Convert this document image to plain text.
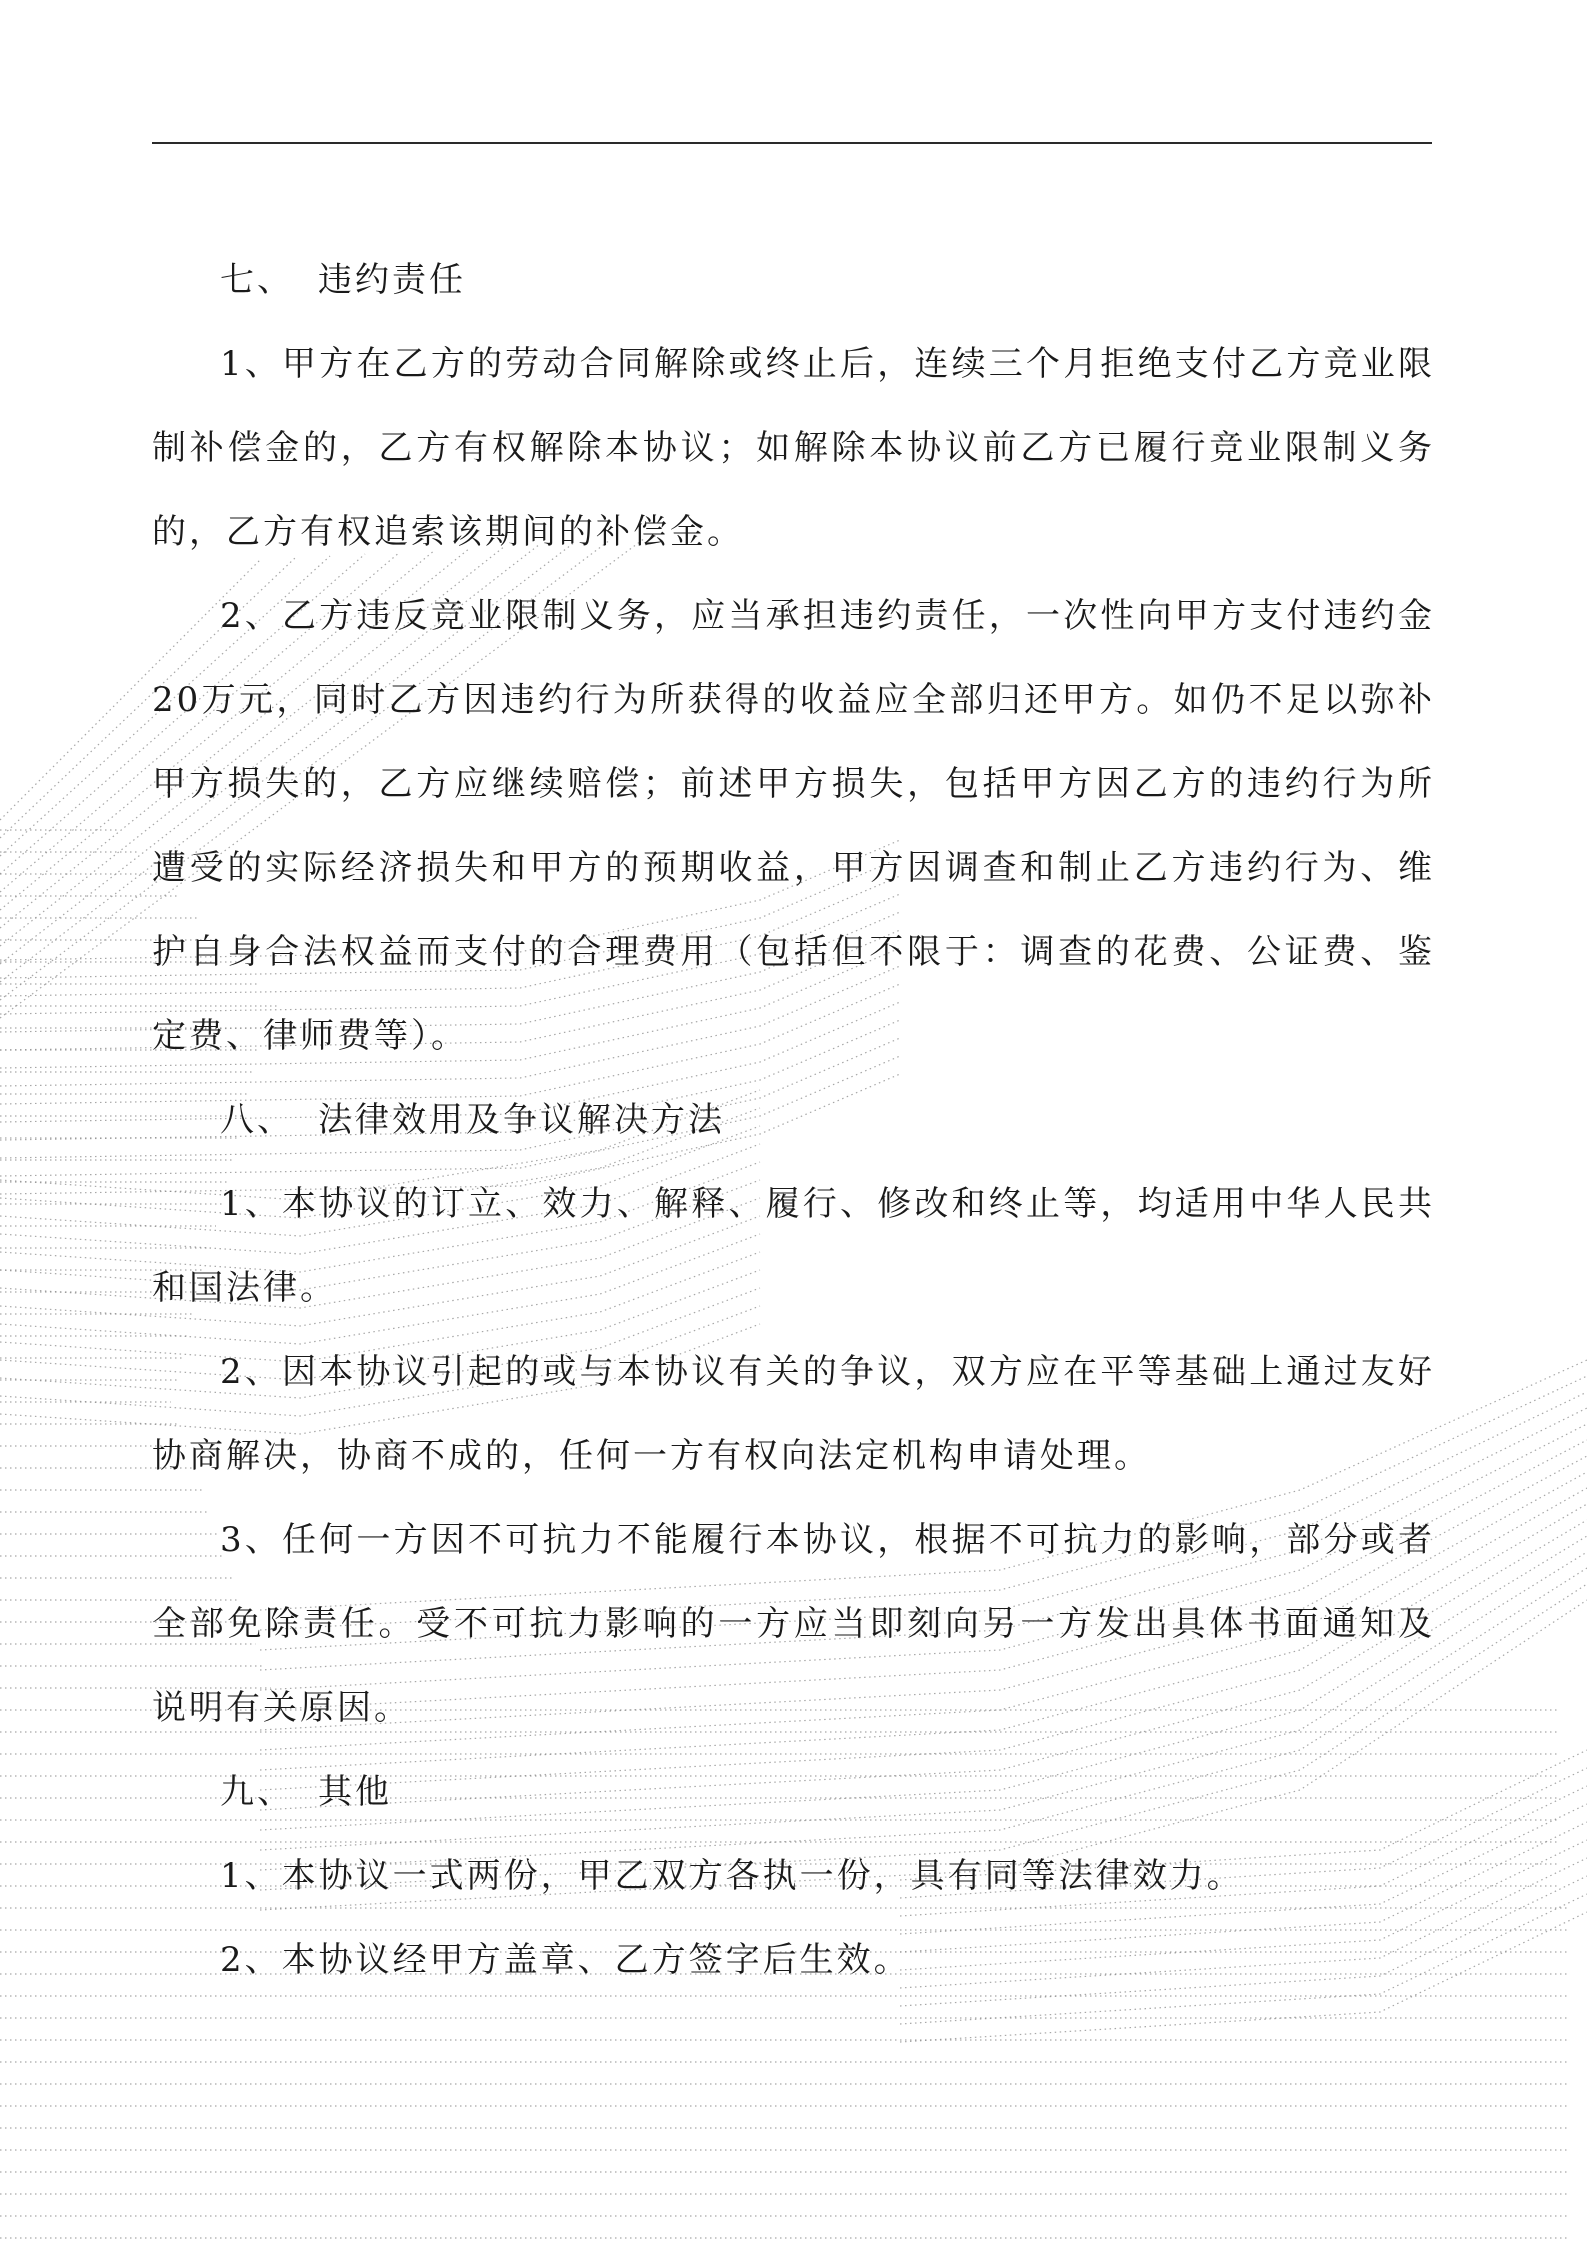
七、 违约责任

1、甲方在乙方的劳动合同解除或终止后，连续三个月拒绝支付乙方竞业限制补偿金的，乙方有权解除本协议；如解除本协议前乙方已履行竞业限制义务的，乙方有权追索该期间的补偿金。

2、乙方违反竞业限制义务，应当承担违约责任，一次性向甲方支付违约金20万元，同时乙方因违约行为所获得的收益应全部归还甲方。如仍不足以弥补甲方损失的，乙方应继续赔偿；前述甲方损失，包括甲方因乙方的违约行为所遭受的实际经济损失和甲方的预期收益，甲方因调查和制止乙方违约行为、维护自身合法权益而支付的合理费用（包括但不限于：调查的花费、公证费、鉴定费、律师费等）。

八、 法律效用及争议解决方法

1、本协议的订立、效力、解释、履行、修改和终止等，均适用中华人民共和国法律。

2、因本协议引起的或与本协议有关的争议，双方应在平等基础上通过友好协商解决，协商不成的，任何一方有权向法定机构申请处理。

3、任何一方因不可抗力不能履行本协议，根据不可抗力的影响，部分或者全部免除责任。受不可抗力影响的一方应当即刻向另一方发出具体书面通知及说明有关原因。

九、 其他

1、本协议一式两份，甲乙双方各执一份，具有同等法律效力。

2、本协议经甲方盖章、乙方签字后生效。
